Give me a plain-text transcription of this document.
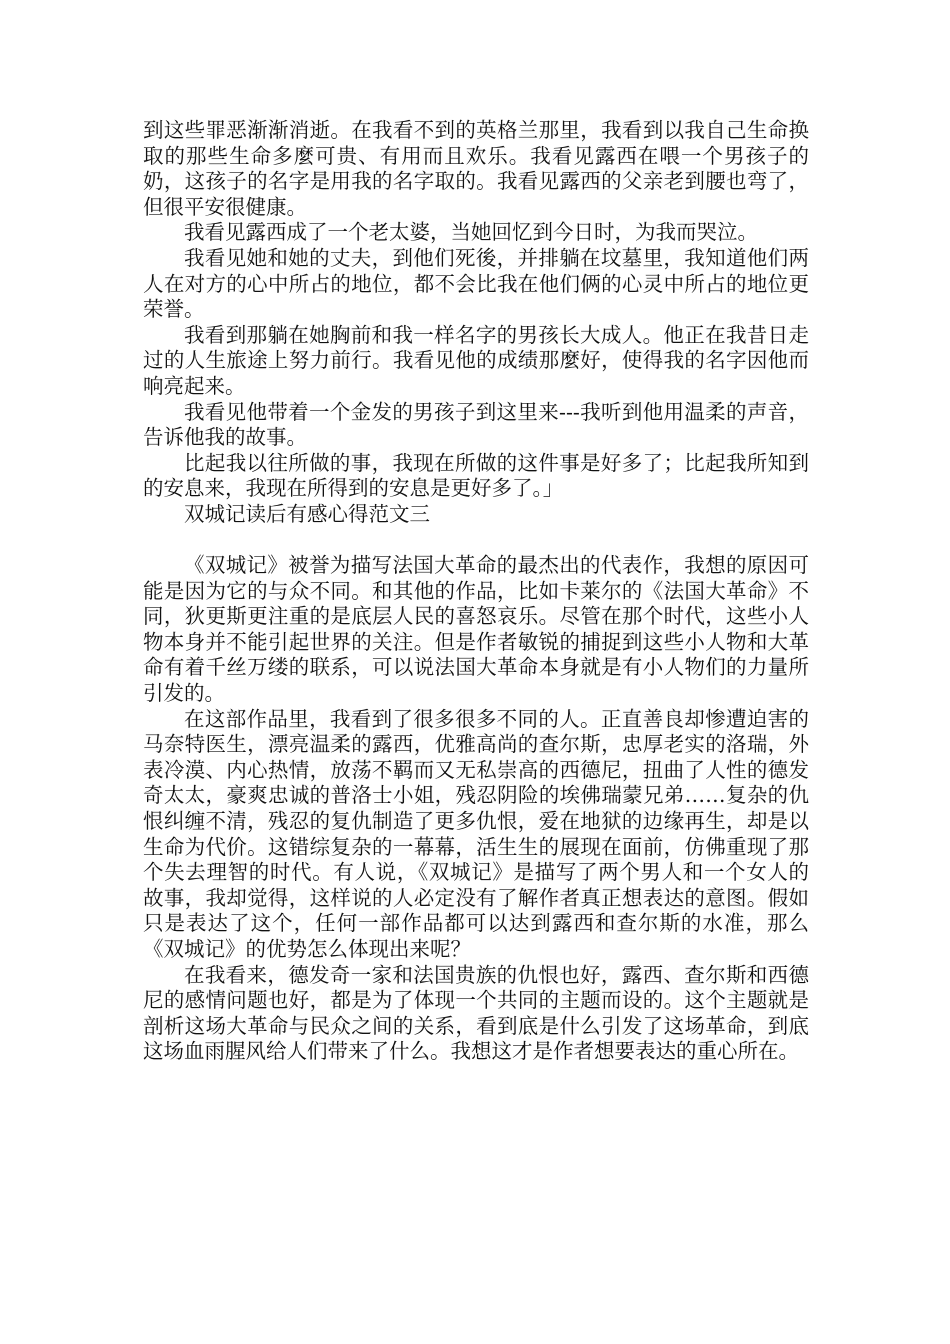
到这些罪恶渐渐消逝。在我看不到的英格兰那里，我看到以我自己生命换取的那些生命多麼可贵、有用而且欢乐。我看见露西在喂一个男孩子的奶，这孩子的名字是用我的名字取的。我看见露西的父亲老到腰也弯了，但很平安很健康。

我看见露西成了一个老太婆，当她回忆到今日时，为我而哭泣。

我看见她和她的丈夫，到他们死後，并排躺在坟墓里，我知道他们两人在对方的心中所占的地位，都不会比我在他们俩的心灵中所占的地位更荣誉。

我看到那躺在她胸前和我一样名字的男孩长大成人。他正在我昔日走过的人生旅途上努力前行。我看见他的成绩那麼好，使得我的名字因他而响亮起来。

我看见他带着一个金发的男孩子到这里来---我听到他用温柔的声音，告诉他我的故事。

比起我以往所做的事，我现在所做的这件事是好多了；比起我所知到的安息来，我现在所得到的安息是更好多了。」

双城记读后有感心得范文三

《双城记》被誉为描写法国大革命的最杰出的代表作，我想的原因可能是因为它的与众不同。和其他的作品，比如卡莱尔的《法国大革命》不同，狄更斯更注重的是底层人民的喜怒哀乐。尽管在那个时代，这些小人物本身并不能引起世界的关注。但是作者敏锐的捕捉到这些小人物和大革命有着千丝万缕的联系，可以说法国大革命本身就是有小人物们的力量所引发的。

在这部作品里，我看到了很多很多不同的人。正直善良却惨遭迫害的马奈特医生，漂亮温柔的露西，优雅高尚的查尔斯，忠厚老实的洛瑞，外表冷漠、内心热情，放荡不羁而又无私崇高的西德尼，扭曲了人性的德发奇太太，豪爽忠诚的普洛士小姐，残忍阴险的埃佛瑞蒙兄弟……复杂的仇恨纠缠不清，残忍的复仇制造了更多仇恨，爱在地狱的边缘再生，却是以生命为代价。这错综复杂的一幕幕，活生生的展现在面前，仿佛重现了那个失去理智的时代。有人说，《双城记》是描写了两个男人和一个女人的故事，我却觉得，这样说的人必定没有了解作者真正想表达的意图。假如只是表达了这个，任何一部作品都可以达到露西和查尔斯的水准，那么《双城记》的优势怎么体现出来呢？

在我看来，德发奇一家和法国贵族的仇恨也好，露西、查尔斯和西德尼的感情问题也好，都是为了体现一个共同的主题而设的。这个主题就是剖析这场大革命与民众之间的关系，看到底是什么引发了这场革命，到底这场血雨腥风给人们带来了什么。我想这才是作者想要表达的重心所在。
